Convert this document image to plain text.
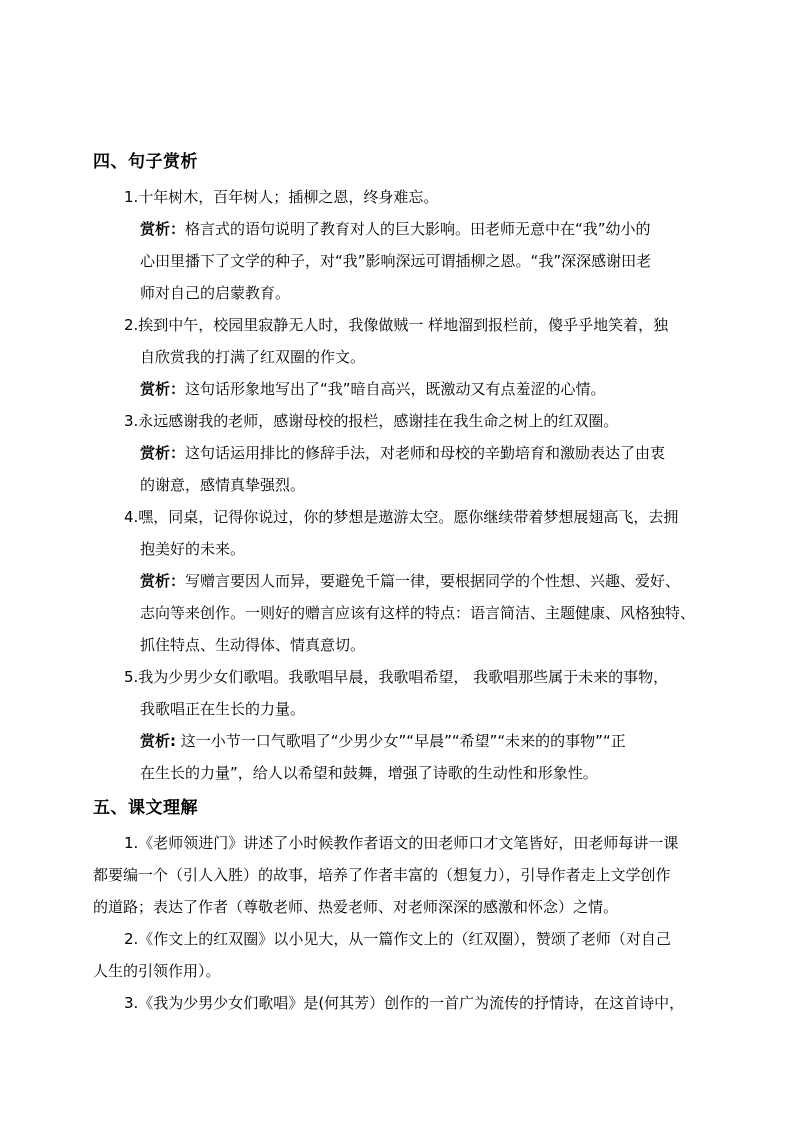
四、句子赏析
1.十年树木，百年树人；插柳之恩，终身难忘。
赏析：格言式的语句说明了教育对人的巨大影响。田老师无意中在“我”幼小的
心田里播下了文学的种子，对“我”影响深远可谓插柳之恩。“我”深深感谢田老
师对自己的启蒙教育。
2.挨到中午，校园里寂静无人时，我像做贼一 样地溜到报栏前，傻乎乎地笑着，独
自欣赏我的打满了红双圈的作文。
赏析：这句话形象地写出了“我”暗自高兴，既激动又有点羞涩的心情。
3.永远感谢我的老师，感谢母校的报栏，感谢挂在我生命之树上的红双圈。
赏析：这句话运用排比的修辞手法，对老师和母校的辛勤培育和激励表达了由衷
的谢意，感情真挚强烈。
4.嘿，同桌，记得你说过，你的梦想是遨游太空。愿你继续带着梦想展翅高飞，去拥
抱美好的未来。
赏析：写赠言要因人而异，要避免千篇一律，要根据同学的个性想、兴趣、爱好、
志向等来创作。一则好的赠言应该有这样的特点：语言简洁、主题健康、风格独特、
抓住特点、生动得体、情真意切。
5.我为少男少女们歌唱。我歌唱早晨，我歌唱希望， 我歌唱那些属于未来的事物，
我歌唱正在生长的力量。
赏析: 这一小节一口气歌唱了“少男少女”“早晨”“希望”“未来的的事物”“正
在生长的力量”，给人以希望和鼓舞，增强了诗歌的生动性和形象性。
五、课文理解
1.《老师领进门》讲述了小时候教作者语文的田老师口才文笔皆好，田老师每讲一课
都要编一个（引人入胜）的故事，培养了作者丰富的（想复力），引导作者走上文学创作
的道路；表达了作者（尊敬老师、热爱老师、对老师深深的感激和怀念）之情。
2.《作文上的红双圈》以小见大，从一篇作文上的（红双圈），赞颂了老师（对自己
人生的引领作用）。
3.《我为少男少女们歌唱》是(何其芳）创作的一首广为流传的抒情诗，在这首诗中，
